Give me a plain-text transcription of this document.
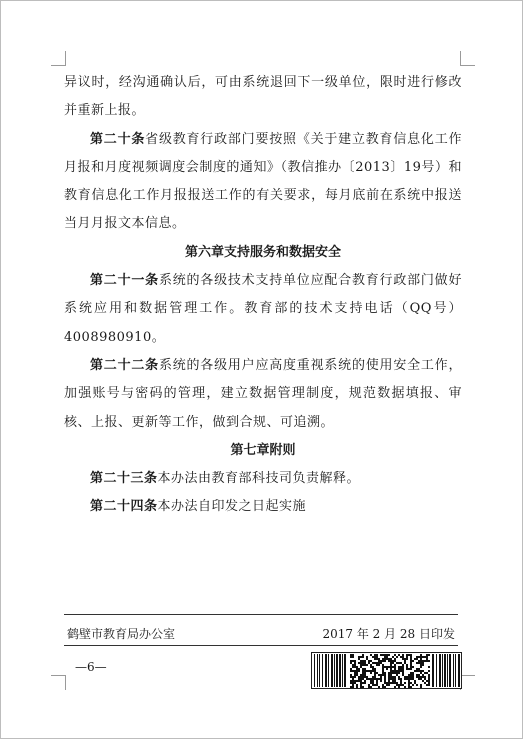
异议时，经沟通确认后，可由系统退回下一级单位，限时进行修改并重新上报。

第二十条省级教育行政部门要按照《关于建立教育信息化工作月报和月度视频调度会制度的通知》（教信推办〔2013〕19号）和教育信息化工作月报报送工作的有关要求，每月底前在系统中报送当月月报文本信息。

第六章支持服务和数据安全

第二十一条系统的各级技术支持单位应配合教育行政部门做好系统应用和数据管理工作。教育部的技术支持电话（QQ号）4008980910。

第二十二条系统的各级用户应高度重视系统的使用安全工作，加强账号与密码的管理，建立数据管理制度，规范数据填报、审核、上报、更新等工作，做到合规、可追溯。

第七章附则

第二十三条本办法由教育部科技司负责解释。

第二十四条本办法自印发之日起实施

鹤壁市教育局办公室	2017 年 2 月 28 日印发
—6—
